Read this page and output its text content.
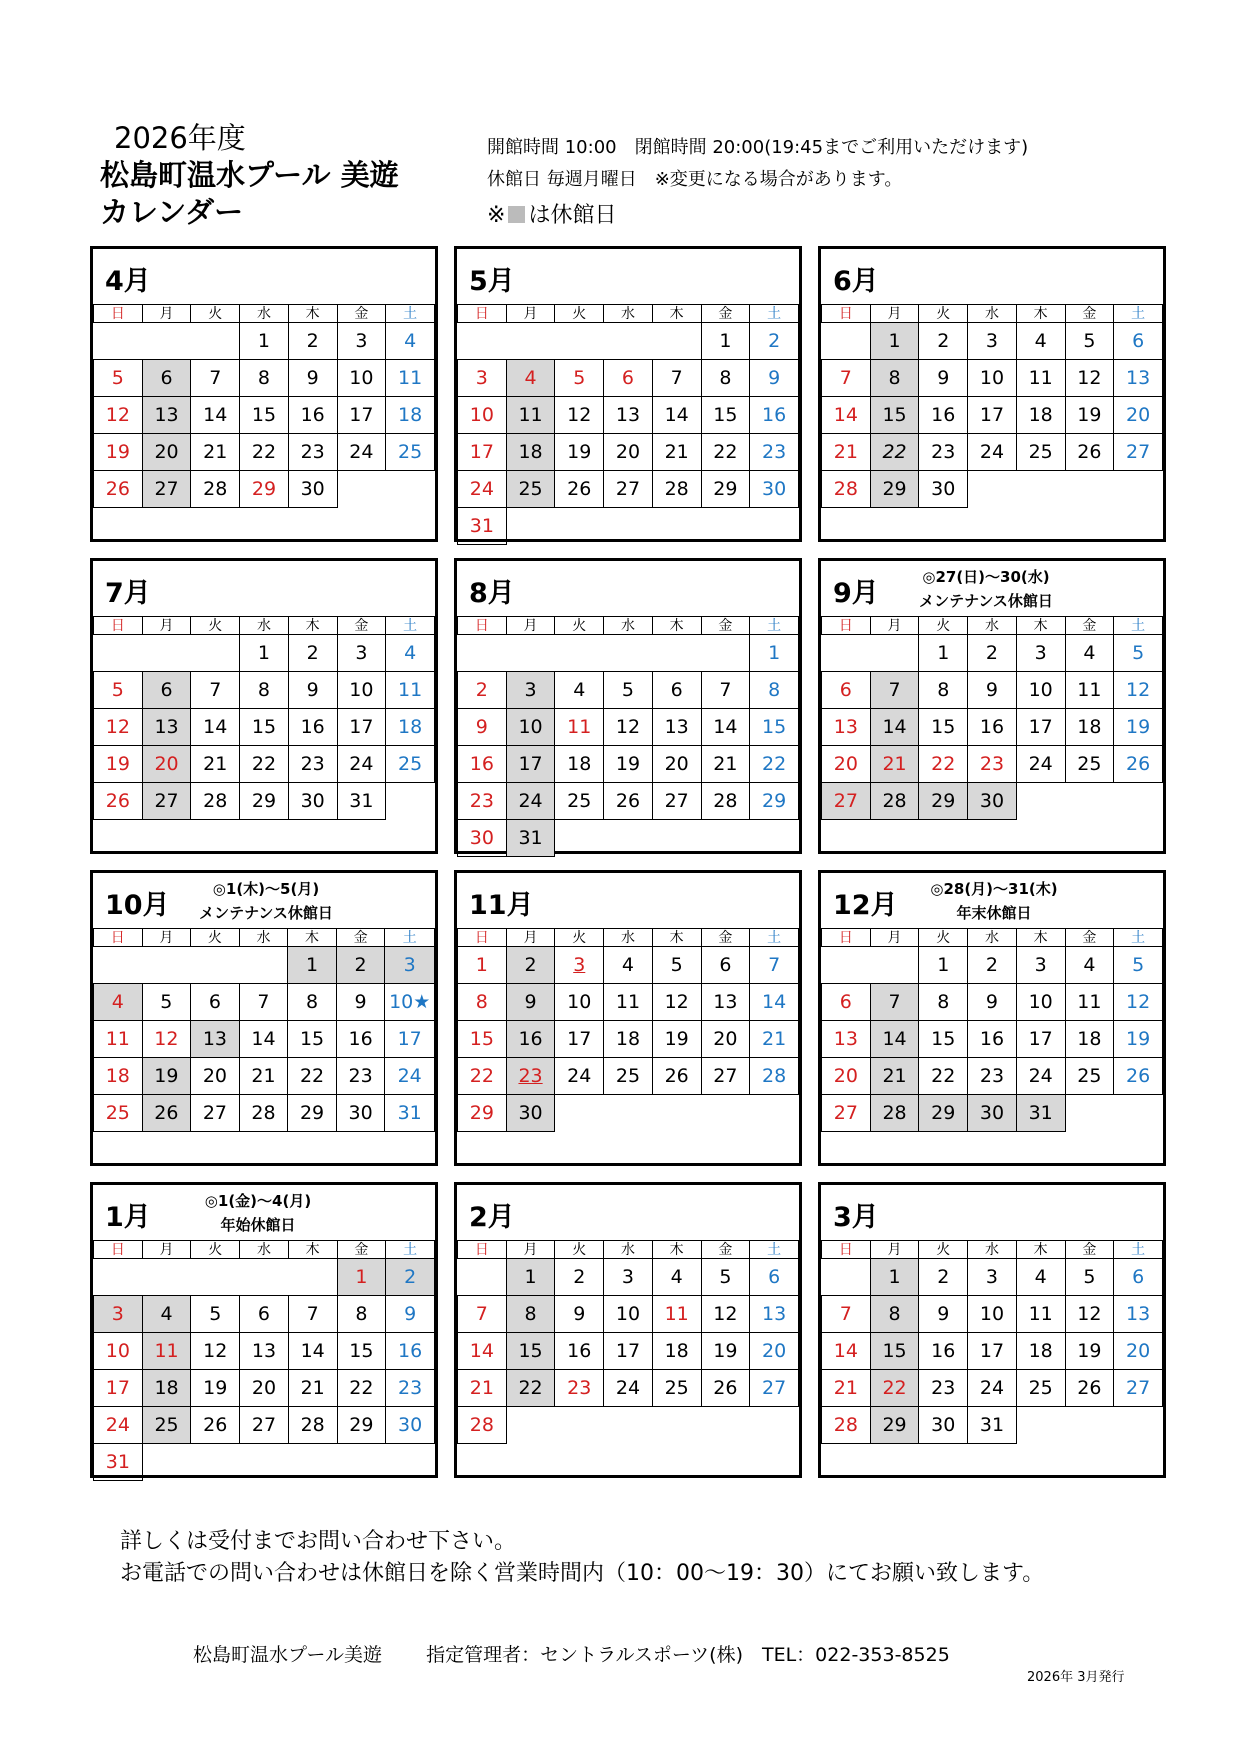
2026年度
松島町温水プール 美遊
カレンダー
開館時間 10:00　閉館時間 20:00(19:45までご利用いただけます)
休館日 毎週月曜日　※変更になる場合があります。
※ は休館日
4月
日	月	火	水	木	金	土
			1	2	3	4
5	6	7	8	9	10	11
12	13	14	15	16	17	18
19	20	21	22	23	24	25
26	27	28	29	30		

5月
日	月	火	水	木	金	土
					1	2
3	4	5	6	7	8	9
10	11	12	13	14	15	16
17	18	19	20	21	22	23
24	25	26	27	28	29	30
31						
6月
日	月	火	水	木	金	土
	1	2	3	4	5	6
7	8	9	10	11	12	13
14	15	16	17	18	19	20
21	22	23	24	25	26	27
28	29	30				

7月
日	月	火	水	木	金	土
			1	2	3	4
5	6	7	8	9	10	11
12	13	14	15	16	17	18
19	20	21	22	23	24	25
26	27	28	29	30	31	

8月
日	月	火	水	木	金	土
						1
2	3	4	5	6	7	8
9	10	11	12	13	14	15
16	17	18	19	20	21	22
23	24	25	26	27	28	29
30	31					
9月
◎27(日)～30(水)
メンテナンス休館日
日	月	火	水	木	金	土
		1	2	3	4	5
6	7	8	9	10	11	12
13	14	15	16	17	18	19
20	21	22	23	24	25	26
27	28	29	30			

10月
◎1(木)～5(月)
メンテナンス休館日
日	月	火	水	木	金	土
				1	2	3
4	5	6	7	8	9	10★
11	12	13	14	15	16	17
18	19	20	21	22	23	24
25	26	27	28	29	30	31

11月
日	月	火	水	木	金	土
1	2	3	4	5	6	7
8	9	10	11	12	13	14
15	16	17	18	19	20	21
22	23	24	25	26	27	28
29	30					

12月
◎28(月)～31(木)
年末休館日
日	月	火	水	木	金	土
		1	2	3	4	5
6	7	8	9	10	11	12
13	14	15	16	17	18	19
20	21	22	23	24	25	26
27	28	29	30	31		

1月
◎1(金)～4(月)
年始休館日
日	月	火	水	木	金	土
					1	2
3	4	5	6	7	8	9
10	11	12	13	14	15	16
17	18	19	20	21	22	23
24	25	26	27	28	29	30
31						
2月
日	月	火	水	木	金	土
	1	2	3	4	5	6
7	8	9	10	11	12	13
14	15	16	17	18	19	20
21	22	23	24	25	26	27
28						

3月
日	月	火	水	木	金	土
	1	2	3	4	5	6
7	8	9	10	11	12	13
14	15	16	17	18	19	20
21	22	23	24	25	26	27
28	29	30	31			

詳しくは受付までお問い合わせ下さい。
お電話での問い合わせは休館日を除く営業時間内（10：00～19：30）にてお願い致します。
松島町温水プール美遊 指定管理者：セントラルスポーツ(株)　TEL：022-353-8525
2026年 3月発行
